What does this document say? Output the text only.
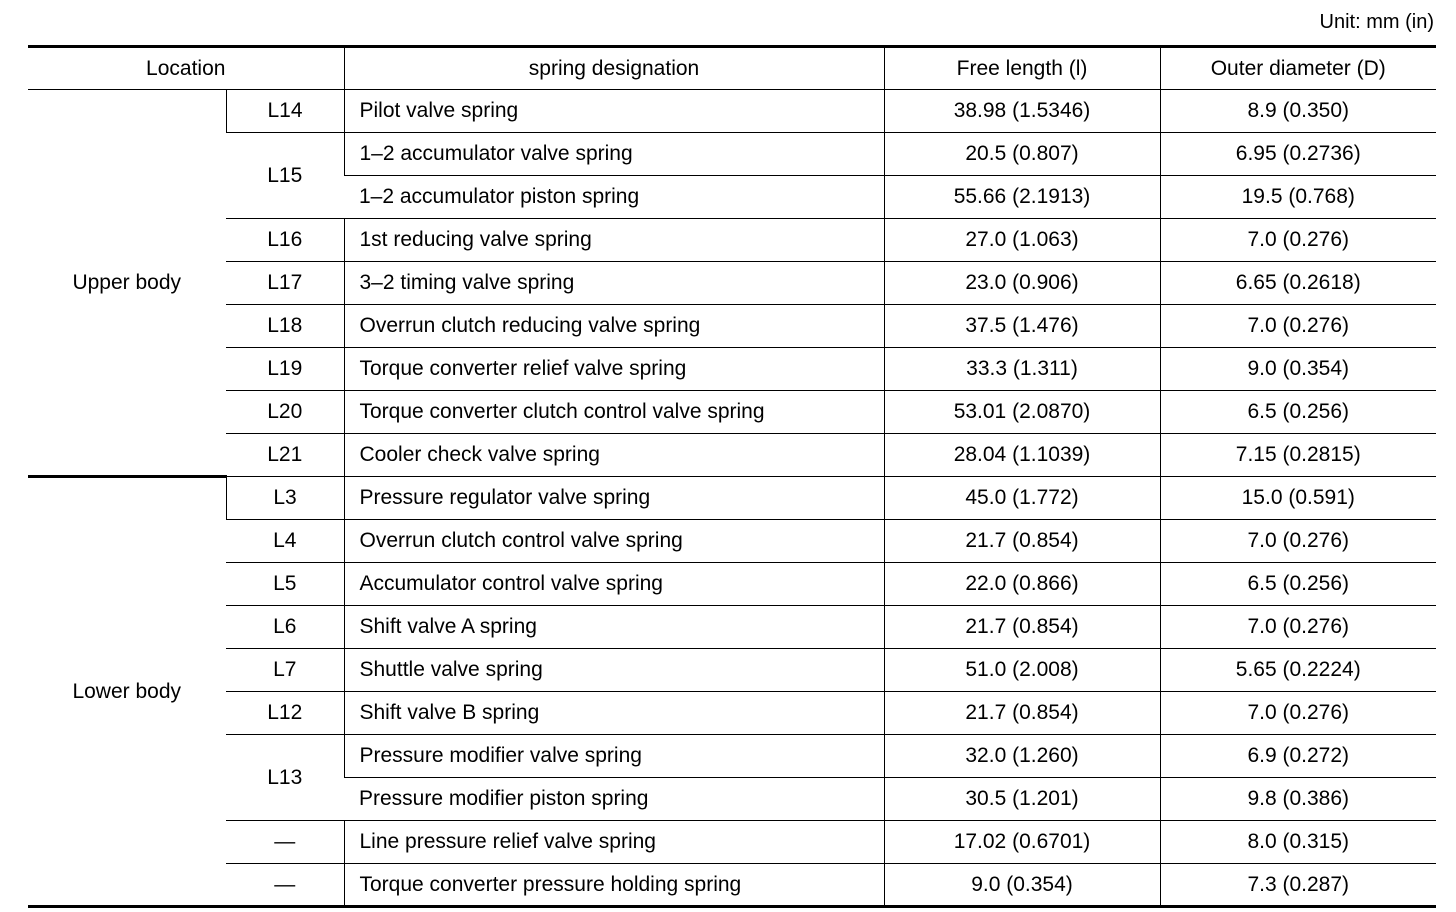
Unit: mm (in)
Location		spring designation	Free length (l)	Outer diameter (D)
Upper body	L14	Pilot valve spring	38.98 (1.5346)	8.9 (0.350)
	L15	1–2 accumulator valve spring	20.5 (0.807)	6.95 (0.2736)
		1–2 accumulator piston spring	55.66 (2.1913)	19.5 (0.768)
	L16	1st reducing valve spring	27.0 (1.063)	7.0 (0.276)
	L17	3–2 timing valve spring	23.0 (0.906)	6.65 (0.2618)
	L18	Overrun clutch reducing valve spring	37.5 (1.476)	7.0 (0.276)
	L19	Torque converter relief valve spring	33.3 (1.311)	9.0 (0.354)
	L20	Torque converter clutch control valve spring	53.01 (2.0870)	6.5 (0.256)
	L21	Cooler check valve spring	28.04 (1.1039)	7.15 (0.2815)
Lower body	L3	Pressure regulator valve spring	45.0 (1.772)	15.0 (0.591)
	L4	Overrun clutch control valve spring	21.7 (0.854)	7.0 (0.276)
	L5	Accumulator control valve spring	22.0 (0.866)	6.5 (0.256)
	L6	Shift valve A spring	21.7 (0.854)	7.0 (0.276)
	L7	Shuttle valve spring	51.0 (2.008)	5.65 (0.2224)
	L12	Shift valve B spring	21.7 (0.854)	7.0 (0.276)
	L13	Pressure modifier valve spring	32.0 (1.260)	6.9 (0.272)
		Pressure modifier piston spring	30.5 (1.201)	9.8 (0.386)
	—	Line pressure relief valve spring	17.02 (0.6701)	8.0 (0.315)
	—	Torque converter pressure holding spring	9.0 (0.354)	7.3 (0.287)
